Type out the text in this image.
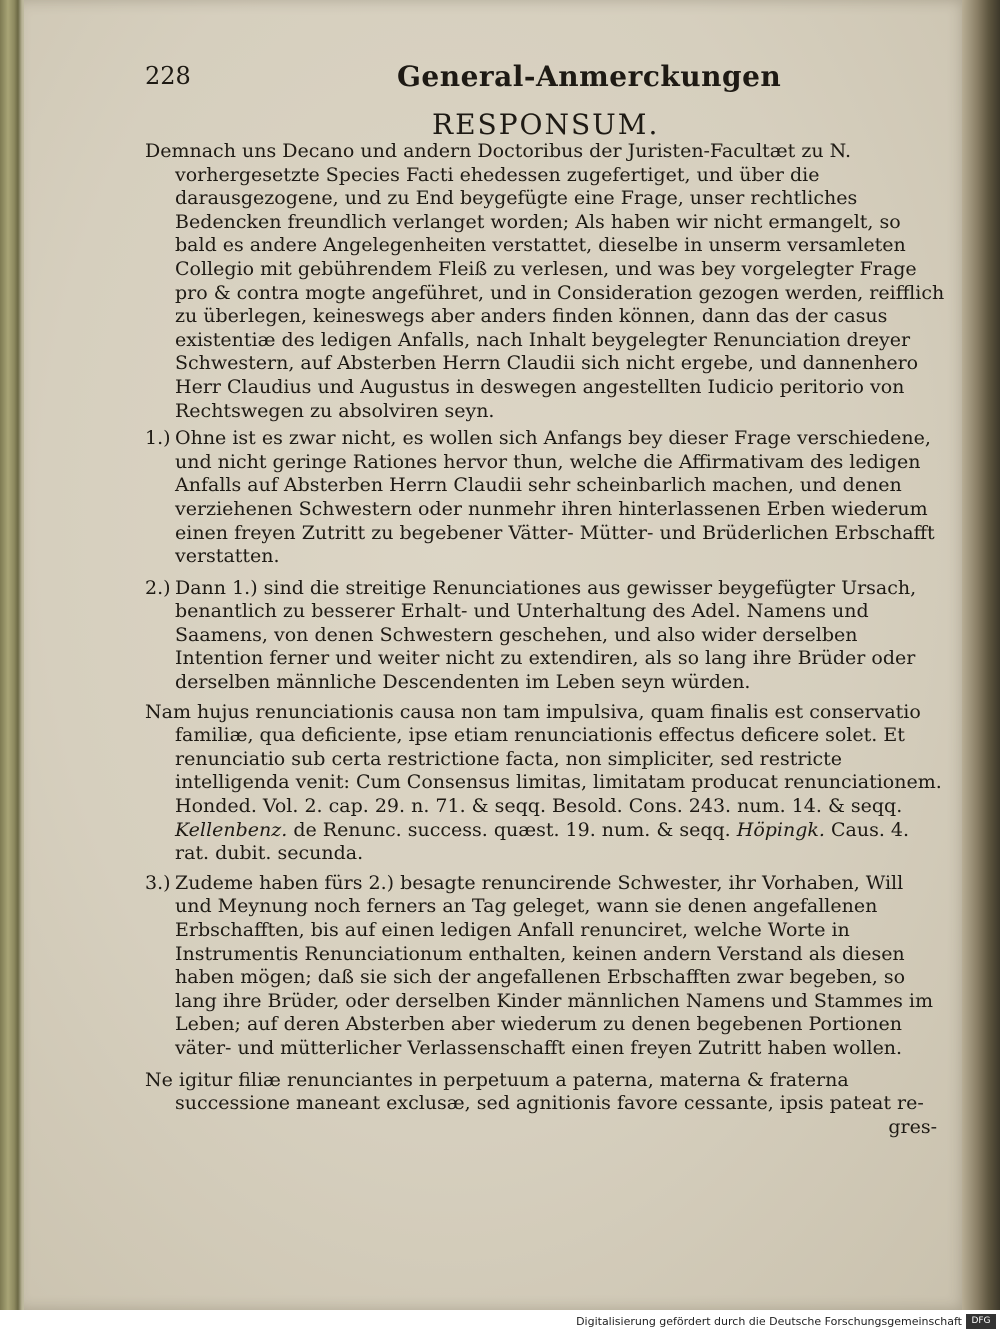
228	General-Anmerckungen
RESPONSUM.

Demnach uns Decano und andern Doctoribus der Juristen-Facultæt zu N. vorhergesetzte Species Facti ehedessen zugefertiget, und über die darausgezogene, und zu End beygefügte eine Frage, unser rechtliches Bedencken freundlich verlanget worden; Als haben wir nicht ermangelt, so bald es andere Angelegenheiten verstattet, dieselbe in unserm versamleten Collegio mit gebührendem Fleiß zu verlesen, und was bey vorgelegter Frage pro & contra mogte angeführet, und in Consideration gezogen werden, reifflich zu überlegen, keineswegs aber anders finden können, dann das der casus existentiæ des ledigen Anfalls, nach Inhalt beygelegter Renunciation dreyer Schwestern, auf Absterben Herrn Claudii sich nicht ergebe, und dannenhero Herr Claudius und Augustus in deswegen angestellten Iudicio peritorio von Rechtswegen zu absolviren seyn.

1.) Ohne ist es zwar nicht, es wollen sich Anfangs bey dieser Frage verschiedene, und nicht geringe Rationes hervor thun, welche die Affirmativam des ledigen Anfalls auf Absterben Herrn Claudii sehr scheinbarlich machen, und denen verziehenen Schwestern oder nunmehr ihren hinterlassenen Erben wiederum einen freyen Zutritt zu begebener Vätter- Mütter- und Brüderlichen Erbschafft verstatten.

2.) Dann 1.) sind die streitige Renunciationes aus gewisser beygefügter Ursach, benantlich zu besserer Erhalt- und Unterhaltung des Adel. Namens und Saamens, von denen Schwestern geschehen, und also wider derselben Intention ferner und weiter nicht zu extendiren, als so lang ihre Brüder oder derselben männliche Descendenten im Leben seyn würden.

Nam hujus renunciationis causa non tam impulsiva, quam finalis est conservatio familiæ, qua deficiente, ipse etiam renunciationis effectus deficere solet. Et renunciatio sub certa restrictione facta, non simpliciter, sed restricte intelligenda venit: Cum Consensus limitas, limitatam producat renunciationem. Honded. Vol. 2. cap. 29. n. 71. & seqq. Besold. Cons. 243. num. 14. & seqq. Kellenbenz. de Renunc. success. quæst. 19. num. & seqq. Höpingk. Caus. 4. rat. dubit. secunda.

3.) Zudeme haben fürs 2.) besagte renuncirende Schwester, ihr Vorhaben, Will und Meynung noch ferners an Tag geleget, wann sie denen angefallenen Erbschafften, bis auf einen ledigen Anfall renunciret, welche Worte in Instrumentis Renunciationum enthalten, keinen andern Verstand als diesen haben mögen; daß sie sich der angefallenen Erbschafften zwar begeben, so lang ihre Brüder, oder derselben Kinder männlichen Namens und Stammes im Leben; auf deren Absterben aber wiederum zu denen begebenen Portionen väter- und mütterlicher Verlassenschafft einen freyen Zutritt haben wollen.

Ne igitur filiæ renunciantes in perpetuum a paterna, materna & fraterna successione maneant exclusæ, sed agnitionis favore cessante, ipsis pateat re-

gres-

Digitalisierung gefördert durch die Deutsche Forschungsgemeinschaft	DFG
